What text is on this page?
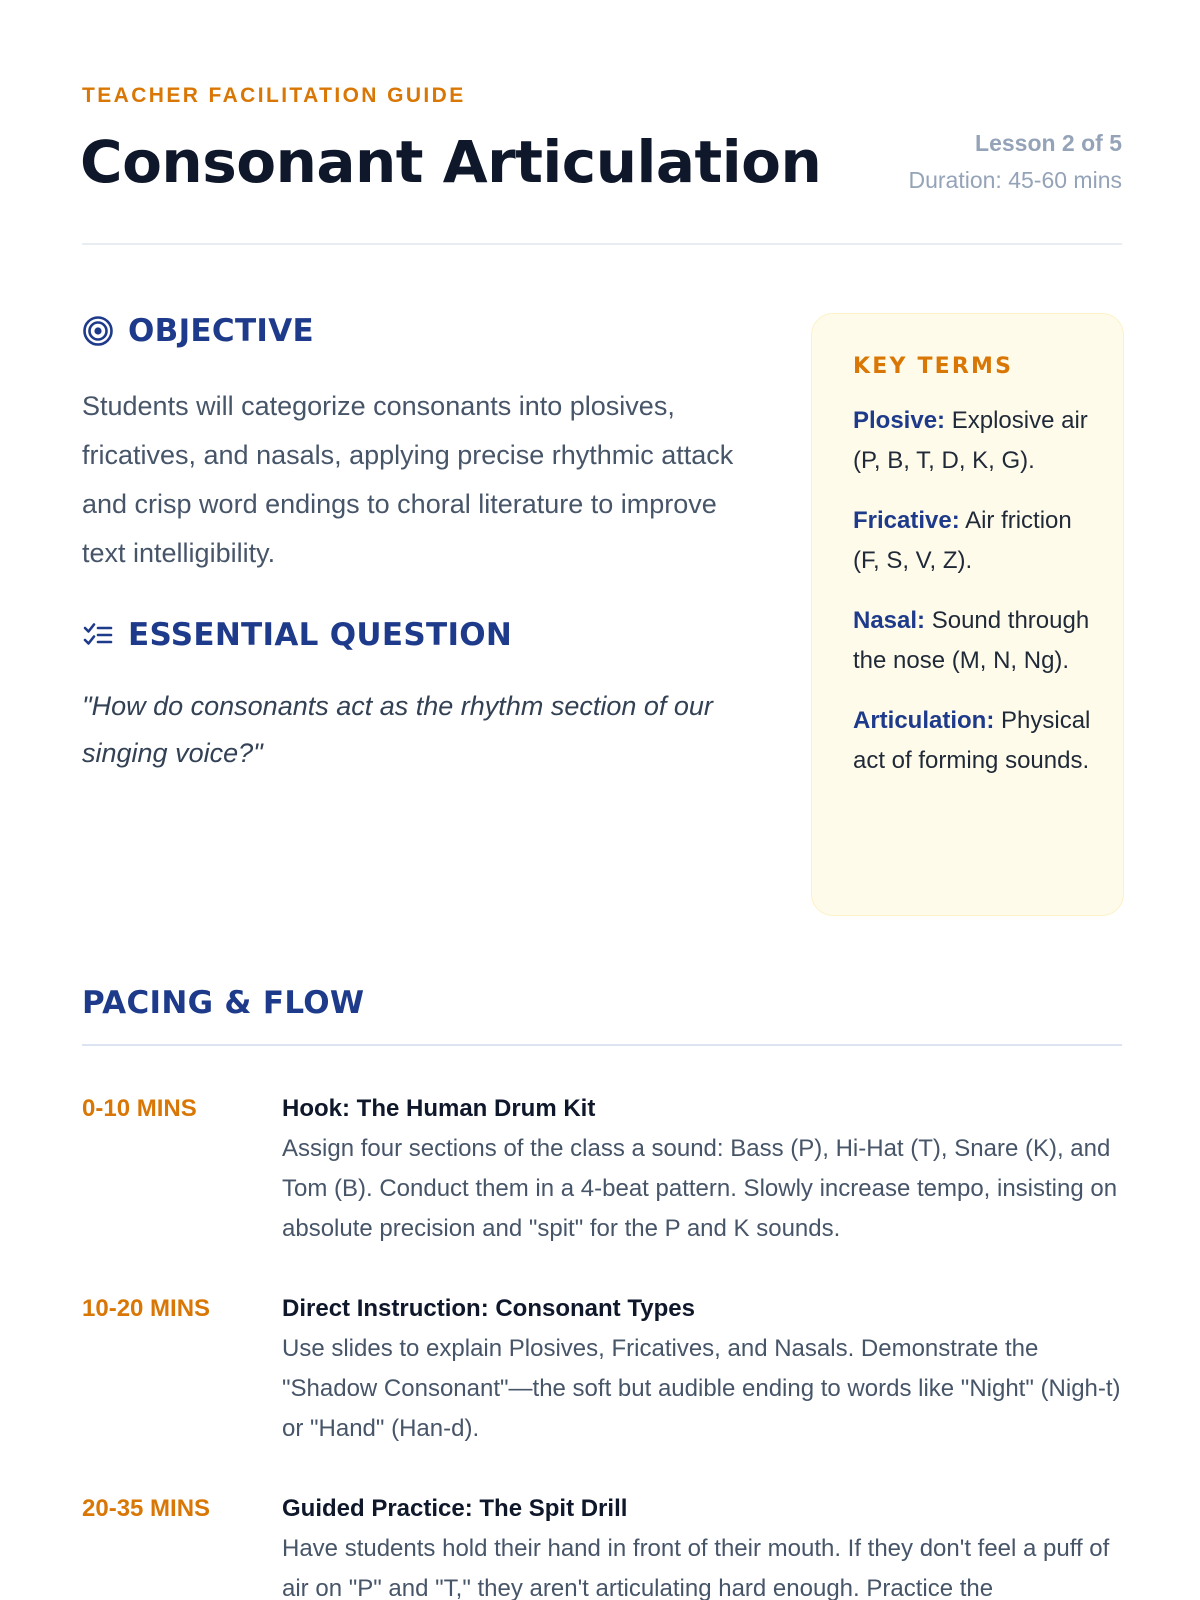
TEACHER FACILITATION GUIDE
Consonant Articulation	Lesson 2 of 5
Duration: 45-60 mins
OBJECTIVE
Students will categorize consonants into plosives, fricatives, and nasals, applying precise rhythmic attack and crisp word endings to choral literature to improve text intelligibility.
ESSENTIAL QUESTION
"How do consonants act as the rhythm section of our singing voice?"
KEY TERMS
Plosive: Explosive air (P, B, T, D, K, G).
Fricative: Air friction (F, S, V, Z).
Nasal: Sound through the nose (M, N, Ng).
Articulation: Physical act of forming sounds.
PACING & FLOW
0-10 MINS	Hook: The Human Drum Kit
Assign four sections of the class a sound: Bass (P), Hi-Hat (T), Snare (K), and Tom (B). Conduct them in a 4-beat pattern. Slowly increase tempo, insisting on absolute precision and "spit" for the P and K sounds.
10-20 MINS	Direct Instruction: Consonant Types
Use slides to explain Plosives, Fricatives, and Nasals. Demonstrate the "Shadow Consonant"—the soft but audible ending to words like "Night" (Nigh-t) or "Hand" (Han-d).
20-35 MINS	Guided Practice: The Spit Drill
Have students hold their hand in front of their mouth. If they don't feel a puff of air on "P" and "T," they aren't articulating hard enough. Practice the
